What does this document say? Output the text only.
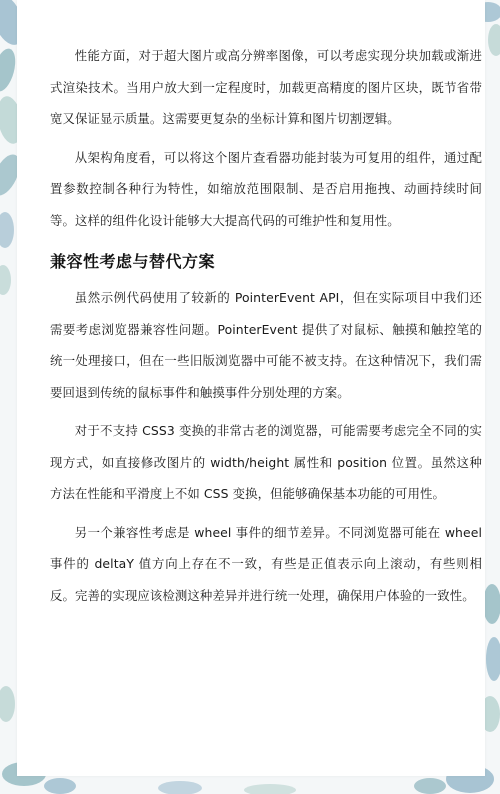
性能方面，对于超大图片或高分辨率图像，可以考虑实现分块加载或渐进式渲染技术。当用户放大到一定程度时，加载更高精度的图片区块，既节省带宽又保证显示质量。这需要更复杂的坐标计算和图片切割逻辑。

从架构角度看，可以将这个图片查看器功能封装为可复用的组件，通过配置参数控制各种行为特性，如缩放范围限制、是否启用拖拽、动画持续时间等。这样的组件化设计能够大大提高代码的可维护性和复用性。

兼容性考虑与替代方案

虽然示例代码使用了较新的 PointerEvent API，但在实际项目中我们还需要考虑浏览器兼容性问题。PointerEvent 提供了对鼠标、触摸和触控笔的统一处理接口，但在一些旧版浏览器中可能不被支持。在这种情况下，我们需要回退到传统的鼠标事件和触摸事件分别处理的方案。

对于不支持 CSS3 变换的非常古老的浏览器，可能需要考虑完全不同的实现方式，如直接修改图片的 width/height 属性和 position 位置。虽然这种方法在性能和平滑度上不如 CSS 变换，但能够确保基本功能的可用性。

另一个兼容性考虑是 wheel 事件的细节差异。不同浏览器可能在 wheel 事件的 deltaY 值方向上存在不一致，有些是正值表示向上滚动，有些则相反。完善的实现应该检测这种差异并进行统一处理，确保用户体验的一致性。
